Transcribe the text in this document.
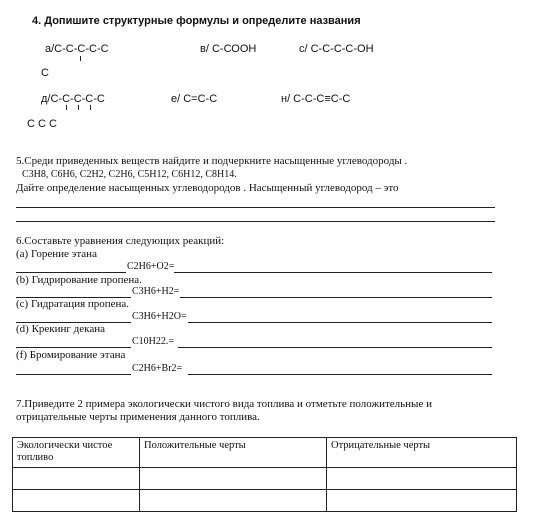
4. Допишите структурные формулы и определите названия
а/С-С-С-С-С	в/ С-СООН	с/ С-С-С-С-ОН
С
д/С-С-С-С-С	е/ С=С-С	н/ С-С-С≡С-С
С С С
5.Среди приведенных веществ найдите и подчеркните насыщенные углеводороды .
С3Н8, С6Н6, С2Н2, С2Н6, С5Н12, С6Н12, С8Н14.
Дайте определение насыщенных углеводородов . Насыщенный углеводород – это
6.Составьте уравнения следующих реакций:
(а) Горение этана
С2Н6+О2=
(b) Гидрирование пропена.
С3Н6+Н2=
(с) Гидратация пропена.
С3Н6+Н2О=
(d) Крекинг декана
С10Н22.=
(f) Бромирование этана
С2Н6+Br2=
7.Приведите 2 примера экологически чистого вида топлива и отметьте положительные и
отрицательные черты применения данного топлива.
Экологически чистое топливо	Положительные черты	Отрицательные черты
